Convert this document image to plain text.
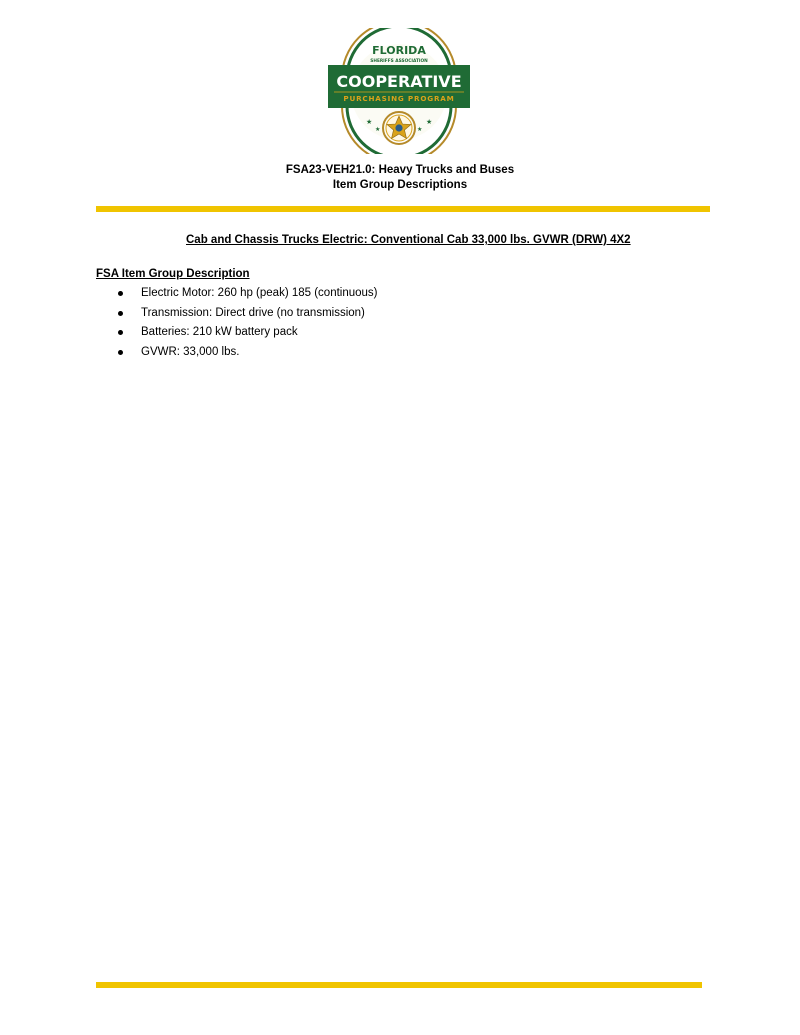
FLORIDA
SHERIFFS ASSOCIATION
COOPERATIVE
PURCHASING PROGRAM
★
★
★
★
FSA23-VEH21.0: Heavy Trucks and Buses
Item Group Descriptions
Cab and Chassis Trucks Electric: Conventional Cab 33,000 lbs. GVWR (DRW) 4X2
FSA Item Group Description
Electric Motor: 260 hp (peak) 185 (continuous)
Transmission: Direct drive (no transmission)
Batteries: 210 kW battery pack
GVWR: 33,000 lbs.
